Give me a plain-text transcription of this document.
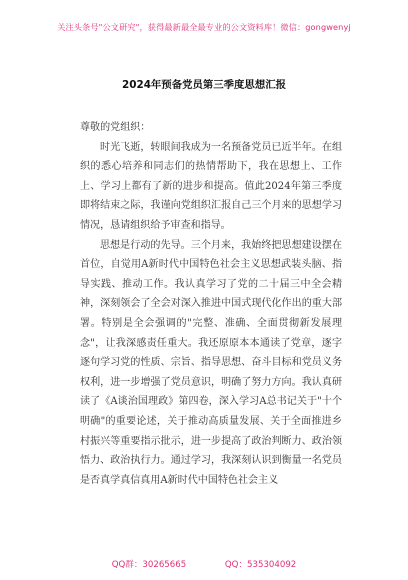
关注头条号"公文研究"，获得最新最全最专业的公文资料库！微信：gongwenyj
2024年预备党员第三季度思想汇报

尊敬的党组织：

时光飞逝，转眼间我成为一名预备党员已近半年。在组织的悉心培养和同志们的热情帮助下，我在思想上、工作上、学习上都有了新的进步和提高。值此2024年第三季度即将结束之际，我谨向党组织汇报自己三个月来的思想学习情况，恳请组织给予审查和指导。

思想是行动的先导。三个月来，我始终把思想建设摆在首位，自觉用A新时代中国特色社会主义思想武装头脑、指导实践、推动工作。我认真学习了党的二十届三中全会精神，深刻领会了全会对深入推进中国式现代化作出的重大部署。特别是全会强调的"完整、准确、全面贯彻新发展理念"，让我深感责任重大。我还原原本本通读了党章，逐字逐句学习党的性质、宗旨、指导思想、奋斗目标和党员义务权利，进一步增强了党员意识，明确了努力方向。我认真研读了《A谈治国理政》第四卷，深入学习A总书记关于"十个明确"的重要论述，关于推动高质量发展、关于全面推进乡村振兴等重要指示批示，进一步提高了政治判断力、政治领悟力、政治执行力。通过学习，我深刻认识到衡量一名党员是否真学真信真用A新时代中国特色社会主义

QQ群：30265665	QQ：535304092
